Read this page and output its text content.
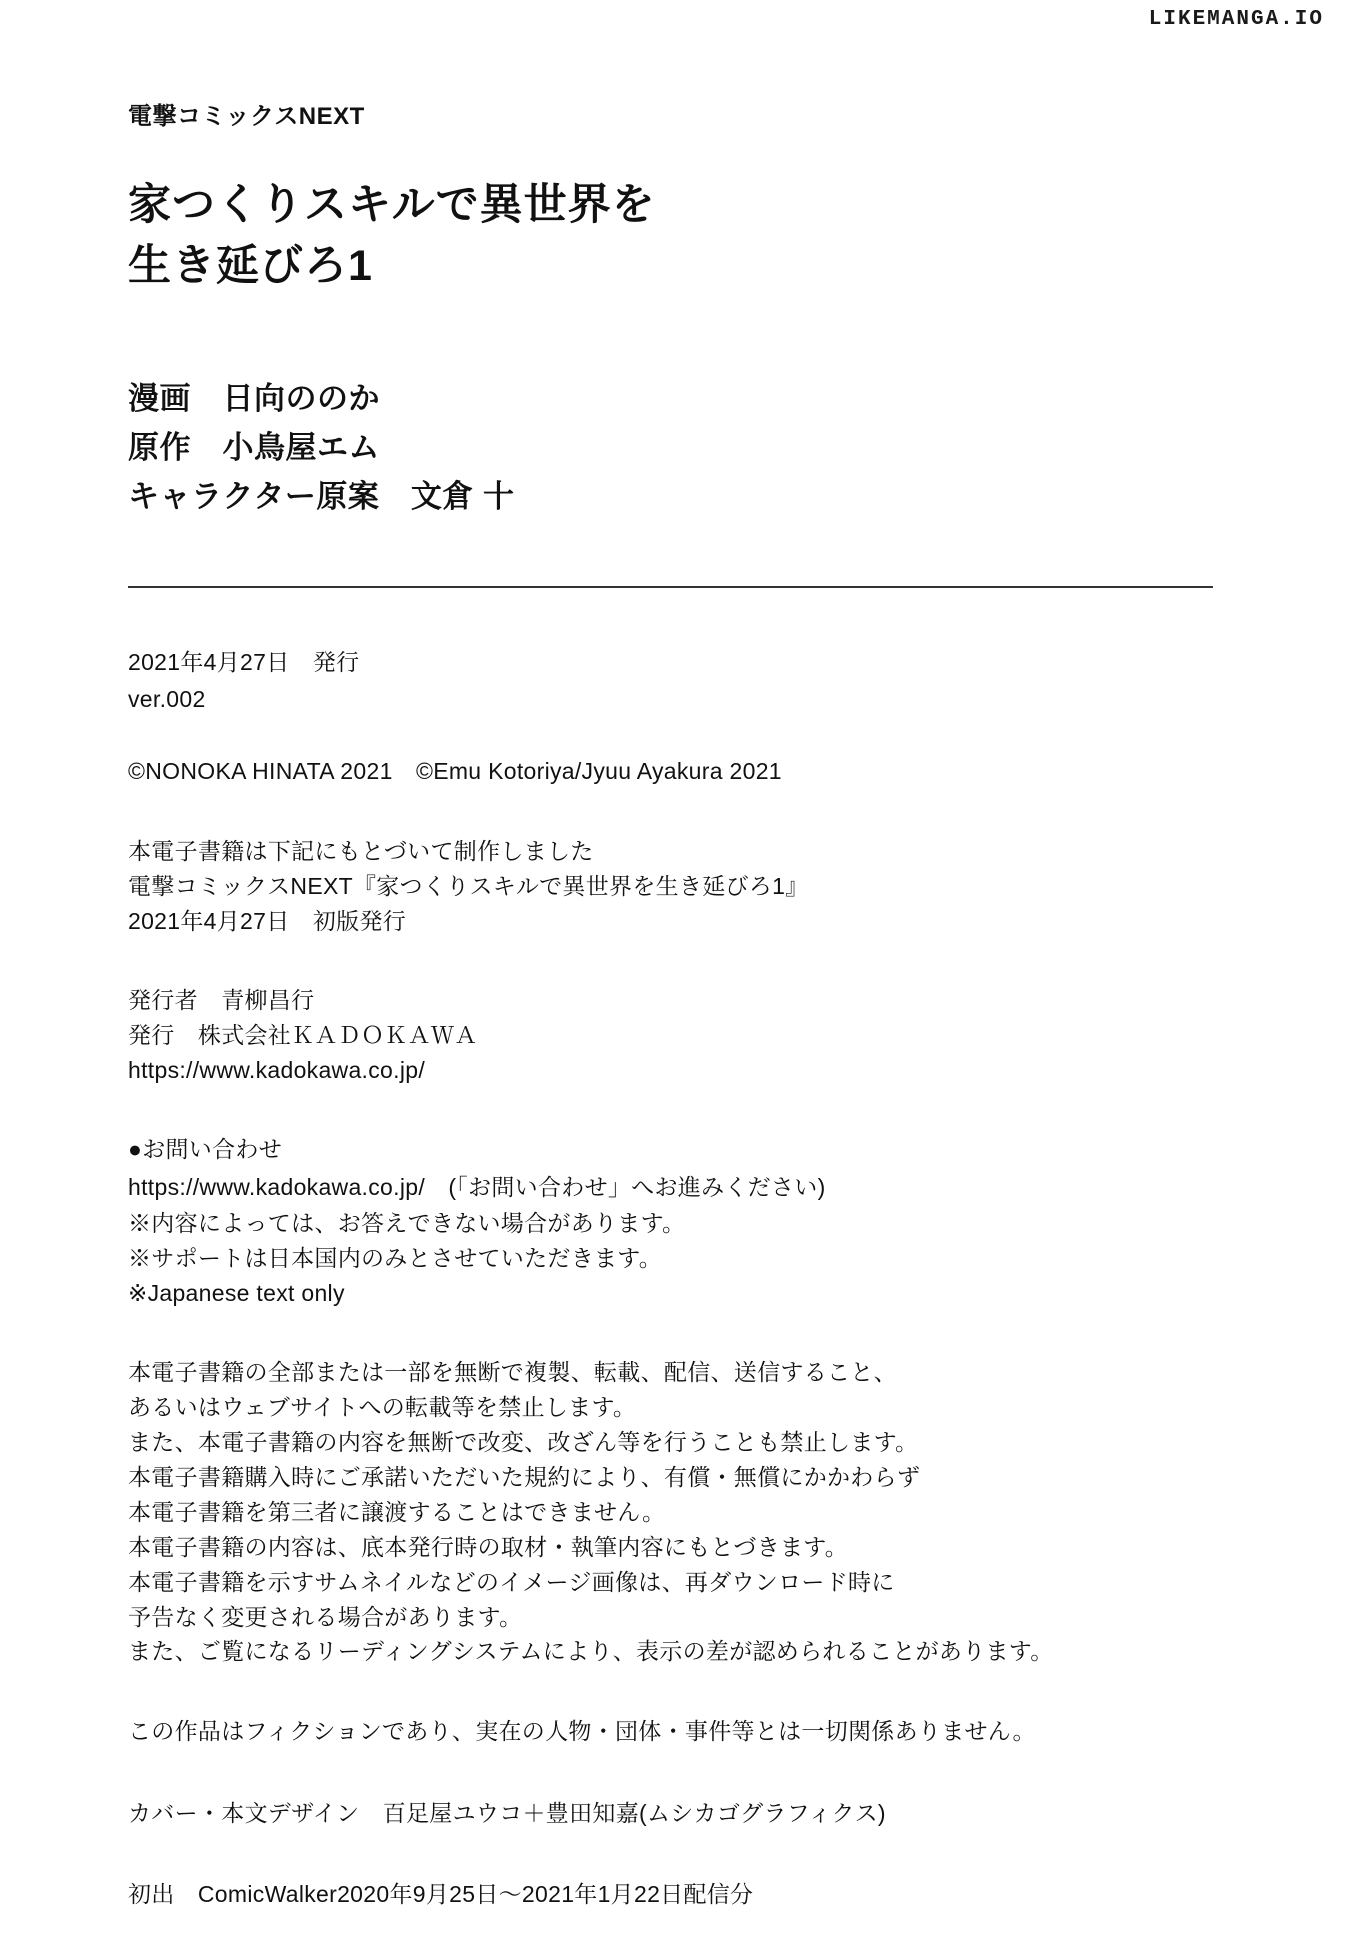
LIKEMANGA.IO
電撃コミックスNEXT
家つくりスキルで異世界を
生き延びろ1
漫画　日向ののか
原作　小鳥屋エム
キャラクター原案　文倉 十
2021年4月27日　発行
ver.002
©NONOKA HINATA 2021　©Emu Kotoriya/Jyuu Ayakura 2021
本電子書籍は下記にもとづいて制作しました
電撃コミックスNEXT『家つくりスキルで異世界を生き延びろ1』
2021年4月27日　初版発行
発行者　青柳昌行
発行　株式会社ＫＡＤＯＫＡＷＡ
https://www.kadokawa.co.jp/
●お問い合わせ
https://www.kadokawa.co.jp/　(「お問い合わせ」へお進みください)
※内容によっては、お答えできない場合があります。
※サポートは日本国内のみとさせていただきます。
※Japanese text only
本電子書籍の全部または一部を無断で複製、転載、配信、送信すること、
あるいはウェブサイトへの転載等を禁止します。
また、本電子書籍の内容を無断で改変、改ざん等を行うことも禁止します。
本電子書籍購入時にご承諾いただいた規約により、有償・無償にかかわらず
本電子書籍を第三者に譲渡することはできません。
本電子書籍の内容は、底本発行時の取材・執筆内容にもとづきます。
本電子書籍を示すサムネイルなどのイメージ画像は、再ダウンロード時に
予告なく変更される場合があります。
また、ご覧になるリーディングシステムにより、表示の差が認められることがあります。
この作品はフィクションであり、実在の人物・団体・事件等とは一切関係ありません。
カバー・本文デザイン　百足屋ユウコ＋豊田知嘉(ムシカゴグラフィクス)
初出　ComicWalker2020年9月25日～2021年1月22日配信分
